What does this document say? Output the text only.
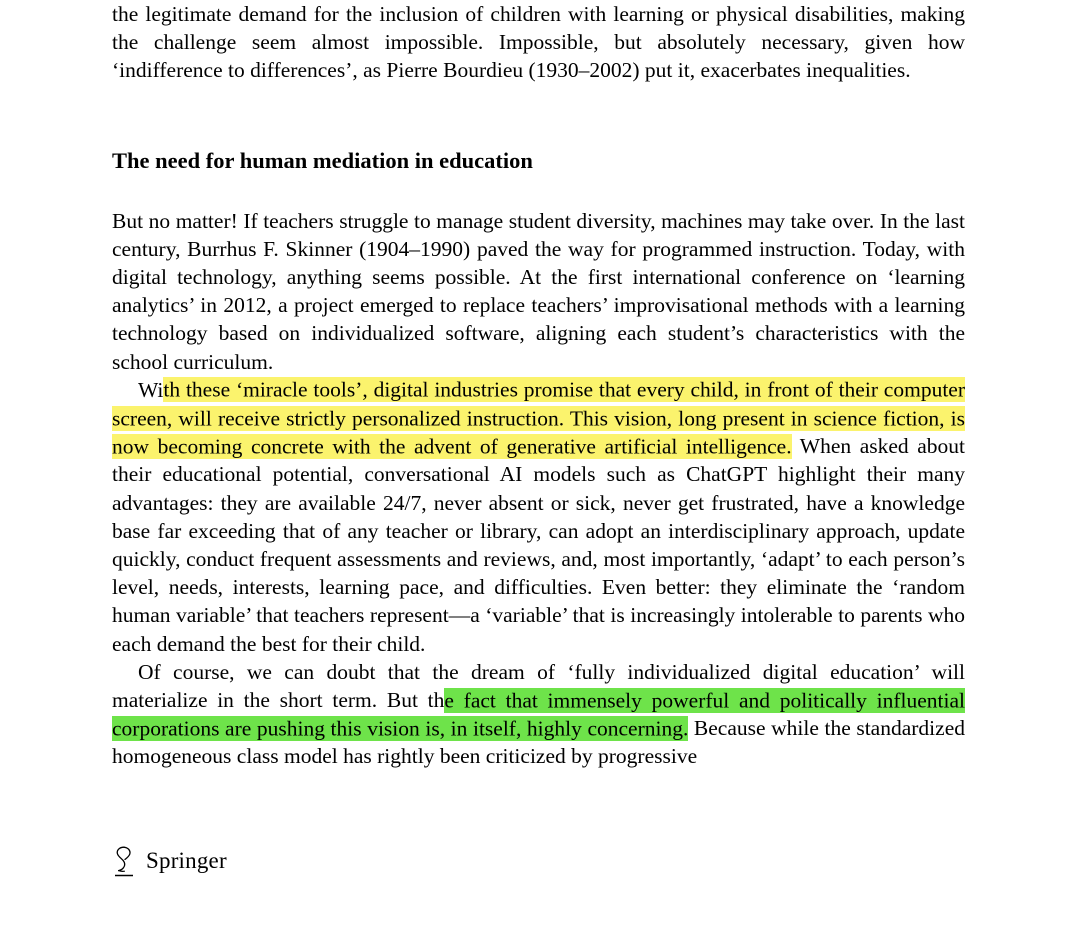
the legitimate demand for the inclusion of children with learning or physical disabilities, making the challenge seem almost impossible. Impossible, but absolutely necessary, given how ‘indifference to differences’, as Pierre Bourdieu (1930–2002) put it, exacerbates inequalities.

The need for human mediation in education

But no matter! If teachers struggle to manage student diversity, machines may take over. In the last century, Burrhus F. Skinner (1904–1990) paved the way for programmed instruction. Today, with digital technology, anything seems possible. At the first international conference on ‘learning analytics’ in 2012, a project emerged to replace teachers’ improvisational methods with a learning technology based on individualized software, aligning each student’s characteristics with the school curriculum.

With these ‘miracle tools’, digital industries promise that every child, in front of their computer screen, will receive strictly personalized instruction. This vision, long present in science fiction, is now becoming concrete with the advent of generative artificial intelligence. When asked about their educational potential, conversational AI models such as ChatGPT highlight their many advantages: they are available 24/7, never absent or sick, never get frustrated, have a knowledge base far exceeding that of any teacher or library, can adopt an interdisciplinary approach, update quickly, conduct frequent assessments and reviews, and, most importantly, ‘adapt’ to each person’s level, needs, interests, learning pace, and difficulties. Even better: they eliminate the ‘random human variable’ that teachers represent—a ‘variable’ that is increasingly intolerable to parents who each demand the best for their child.

Of course, we can doubt that the dream of ‘fully individualized digital education’ will materialize in the short term. But the fact that immensely powerful and politically influential corporations are pushing this vision is, in itself, highly concerning. Because while the standardized homogeneous class model has rightly been criticized by progressive

Springer
